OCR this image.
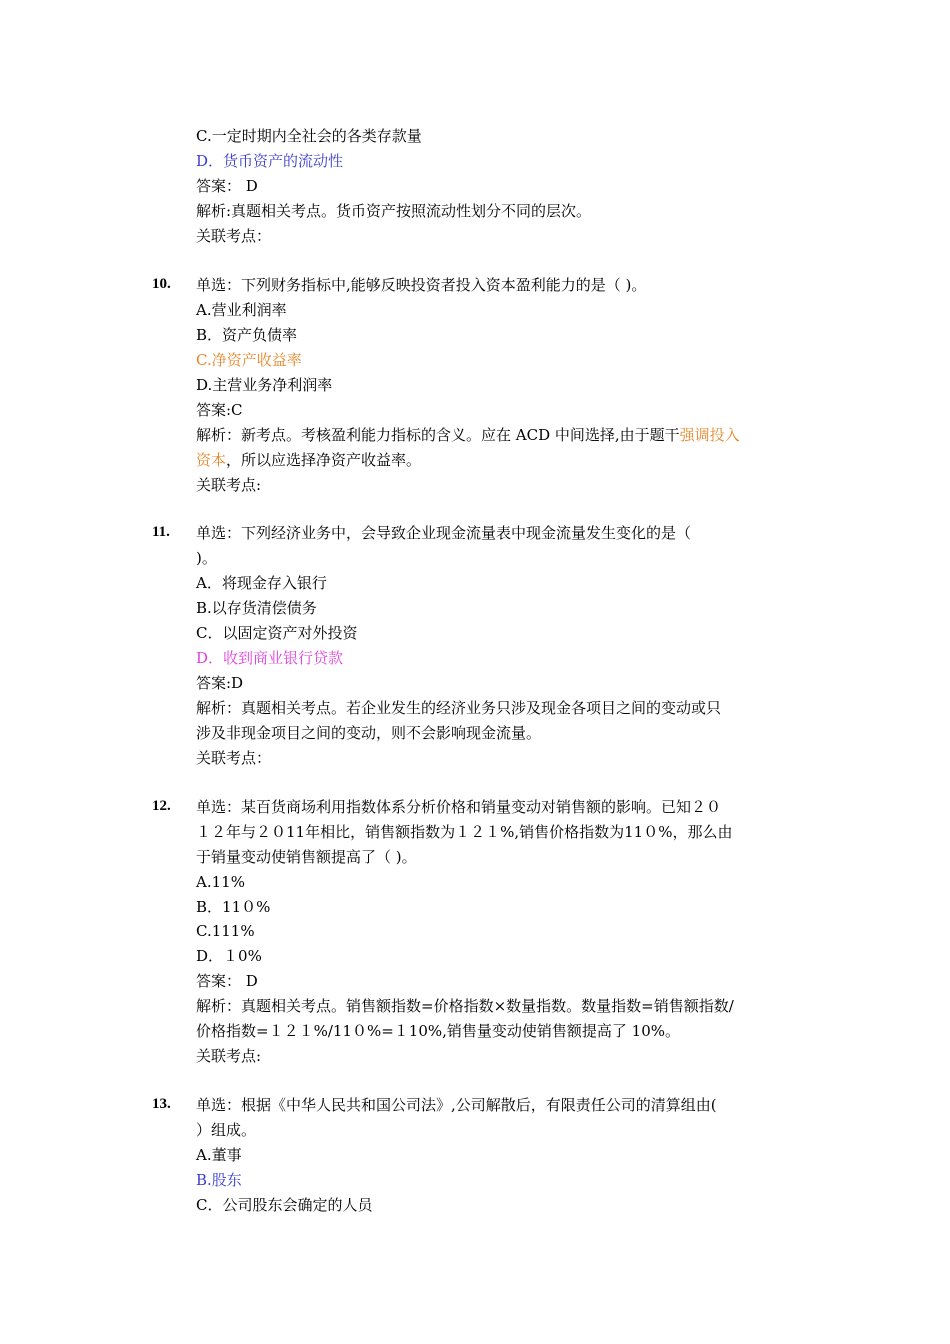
C.一定时期内全社会的各类存款量
D．货币资产的流动性
答案： D
解析:真题相关考点。货币资产按照流动性划分不同的层次。
关联考点：
10. 单选：下列财务指标中,能够反映投资者投入资本盈利能力的是（ )。
A.营业利润率
B．资产负债率
C.净资产收益率
D.主营业务净利润率
答案:C
解析：新考点。考核盈利能力指标的含义。应在 ACD 中间选择,由于题干强调投入
资本，所以应选择净资产收益率。
关联考点:
11. 单选：下列经济业务中，会导致企业现金流量表中现金流量发生变化的是（
)。
A．将现金存入银行
B.以存货清偿债务
C．以固定资产对外投资
D．收到商业银行贷款
答案:D
解析：真题相关考点。若企业发生的经济业务只涉及现金各项目之间的变动或只
涉及非现金项目之间的变动，则不会影响现金流量。
关联考点：
12. 单选：某百货商场利用指数体系分析价格和销量变动对销售额的影响。已知２０
１２年与２０11年相比，销售额指数为１２１%,销售价格指数为11０%，那么由
于销量变动使销售额提高了（ )。
A.11%
B．11０%
C.111%
D．１0%
答案： D
解析：真题相关考点。销售额指数=价格指数×数量指数。数量指数=销售额指数/
价格指数=１２１%/11０%=１10%,销售量变动使销售额提高了 10%。
关联考点:
13. 单选：根据《中华人民共和国公司法》,公司解散后，有限责任公司的清算组由(
）组成。
A.董事
B.股东
C．公司股东会确定的人员
